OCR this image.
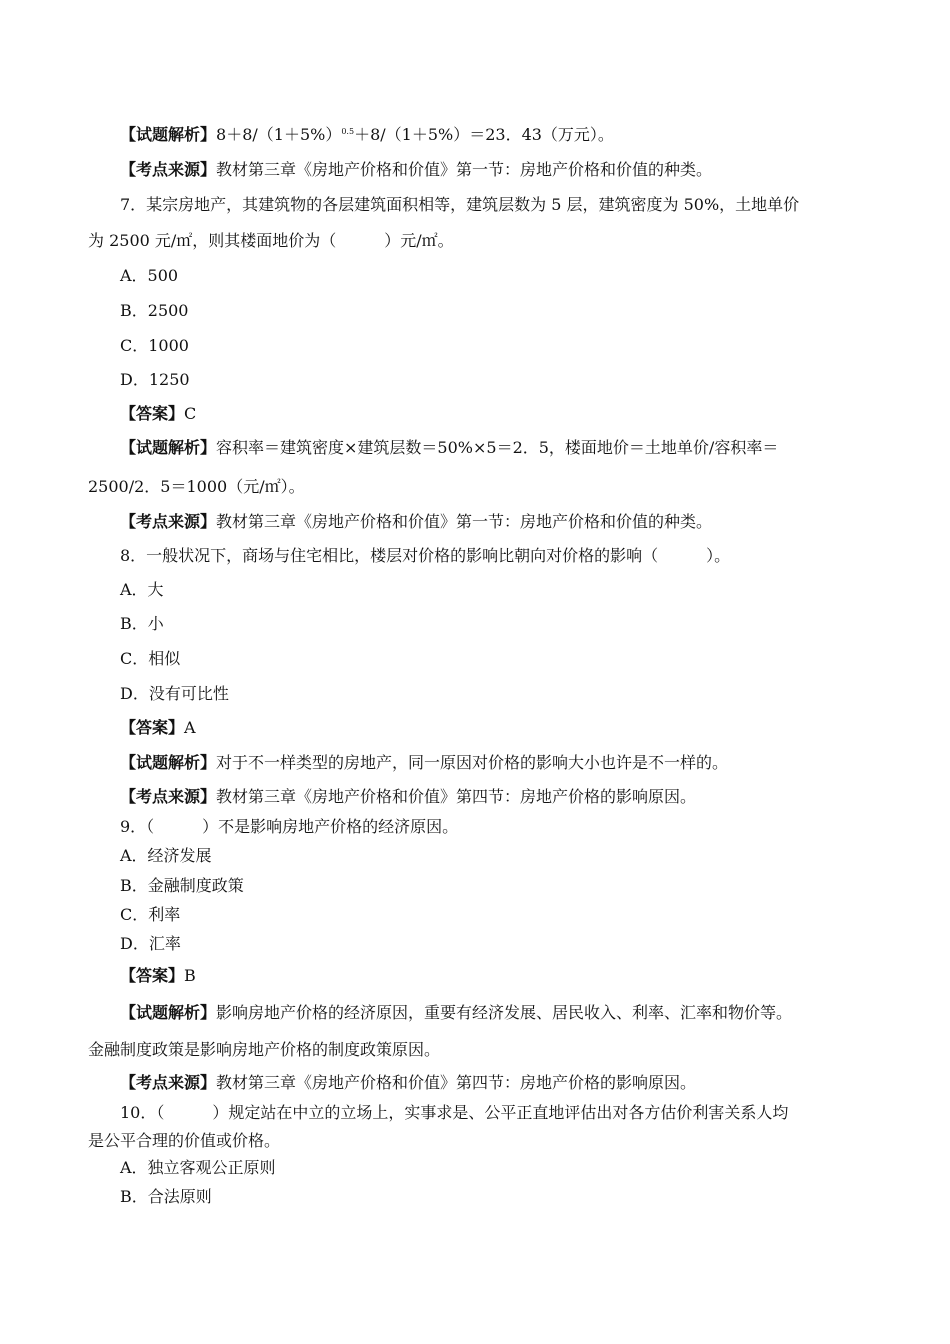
【试题解析】$8+8/(1+5\%)^{0.5}+8/(1+5\%)=23$．43（万元）。
【考点来源】教材第三章《房地产价格和价值》第一节：房地产价格和价值的种类。
7．某宗房地产，其建筑物的各层建筑面积相等，建筑层数为 5 层，建筑密度为 50%，土地单价
为 2500 元/㎡，则其楼面地价为（　　　）元/㎡。
A．500
B．2500
C．1000
D．1250
【答案】C
【试题解析】容积率＝建筑密度×建筑层数＝50%×5＝2．5，楼面地价＝土地单价/容积率＝
2500/2．5＝1000（元/㎡）。
【考点来源】教材第三章《房地产价格和价值》第一节：房地产价格和价值的种类。
8．一般状况下，商场与住宅相比，楼层对价格的影响比朝向对价格的影响（　　　）。
A．大
B．小
C．相似
D．没有可比性
【答案】A
【试题解析】对于不一样类型的房地产，同一原因对价格的影响大小也许是不一样的。
【考点来源】教材第三章《房地产价格和价值》第四节：房地产价格的影响原因。
9．（　　　）不是影响房地产价格的经济原因。
A．经济发展
B．金融制度政策
C．利率
D．汇率
【答案】B
【试题解析】影响房地产价格的经济原因，重要有经济发展、居民收入、利率、汇率和物价等。
金融制度政策是影响房地产价格的制度政策原因。
【考点来源】教材第三章《房地产价格和价值》第四节：房地产价格的影响原因。
10．（　　　）规定站在中立的立场上，实事求是、公平正直地评估出对各方估价利害关系人均
是公平合理的价值或价格。
A．独立客观公正原则
B．合法原则
